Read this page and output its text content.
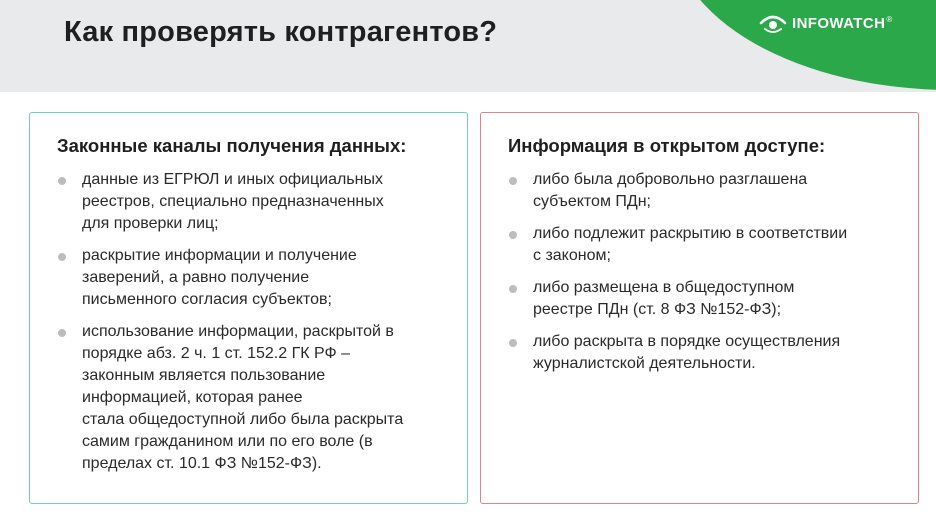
Как проверять контрагентов?	INFOWATCH ®
Законные каналы получения данных:
данные из ЕГРЮЛ и иных официальных
реестров, специально предназначенных
для проверки лиц;
раскрытие информации и получение
заверений, а равно получение
письменного согласия субъектов;
использование информации, раскрытой в
порядке абз. 2 ч. 1 ст. 152.2 ГК РФ –
законным является пользование
информацией, которая ранее
стала общедоступной либо была раскрыта
самим гражданином или по его воле (в
пределах ст. 10.1 ФЗ №152-ФЗ).
Информация в открытом доступе:
либо была добровольно разглашена
субъектом ПДн;
либо подлежит раскрытию в соответствии
с законом;
либо размещена в общедоступном
реестре ПДн (ст. 8 ФЗ №152-ФЗ);
либо раскрыта в порядке осуществления
журналистской деятельности.
